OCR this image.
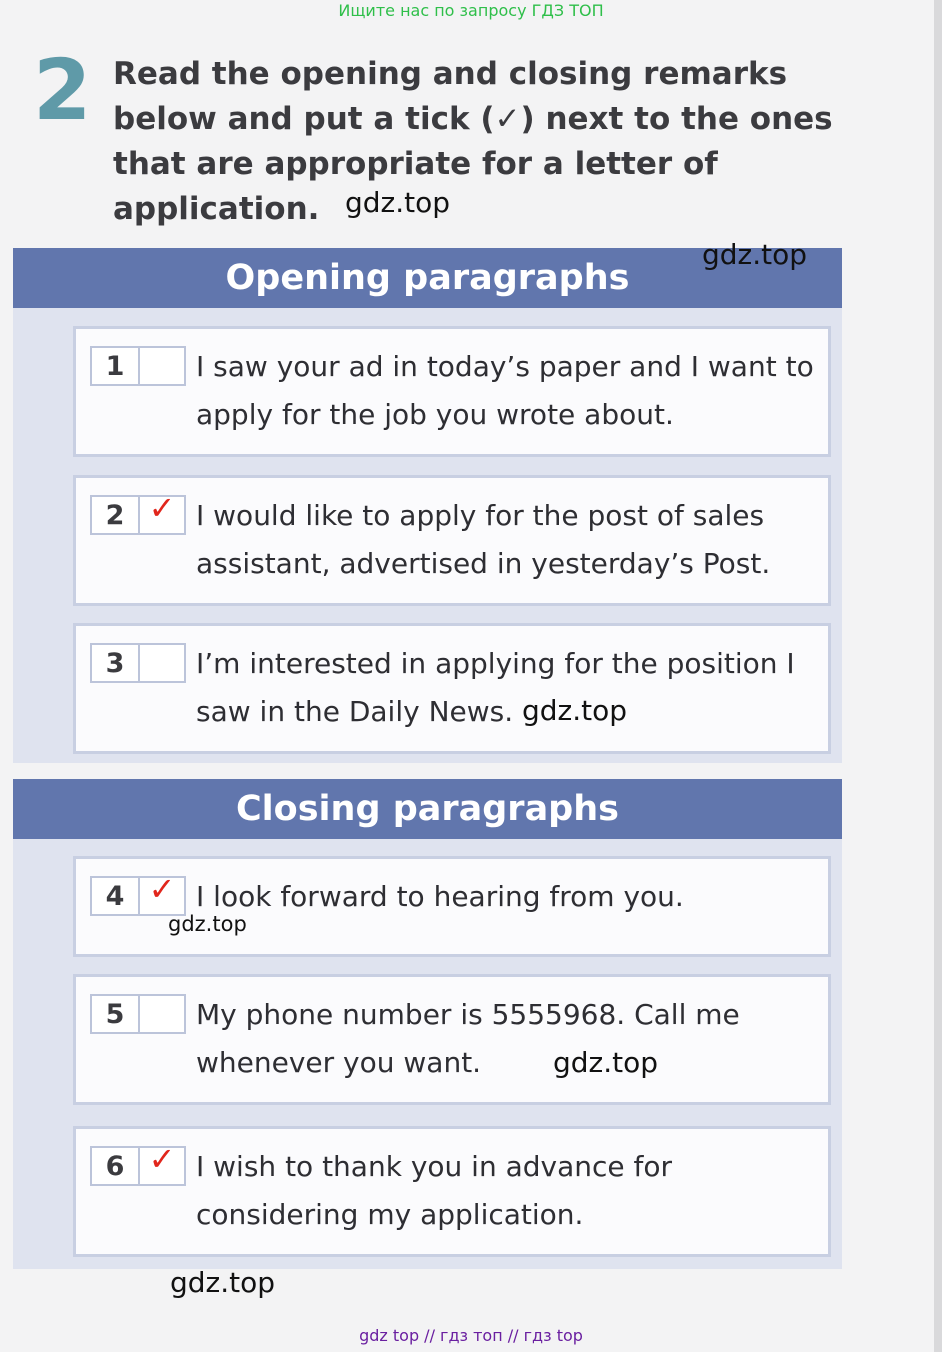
Ищите нас по запросу ГДЗ ТОП
2 Read the opening and closing remarks below and put a tick (✓) next to the ones that are appropriate for a letter of application.
Opening paragraphs
1	I saw your ad in today’s paper and I want to apply for the job you wrote about.
2 ✓ I would like to apply for the post of sales assistant, advertised in yesterday’s Post.
3	I’m interested in applying for the position I saw in the Daily News.
Closing paragraphs
4 ✓ I look forward to hearing from you.
5	My phone number is 5555968. Call me whenever you want.
6 ✓ I wish to thank you in advance for considering my application.
gdz.top
gdz.top
gdz.top
gdz.top
gdz.top
gdz.top
gdz top // гдз топ // гдз top
